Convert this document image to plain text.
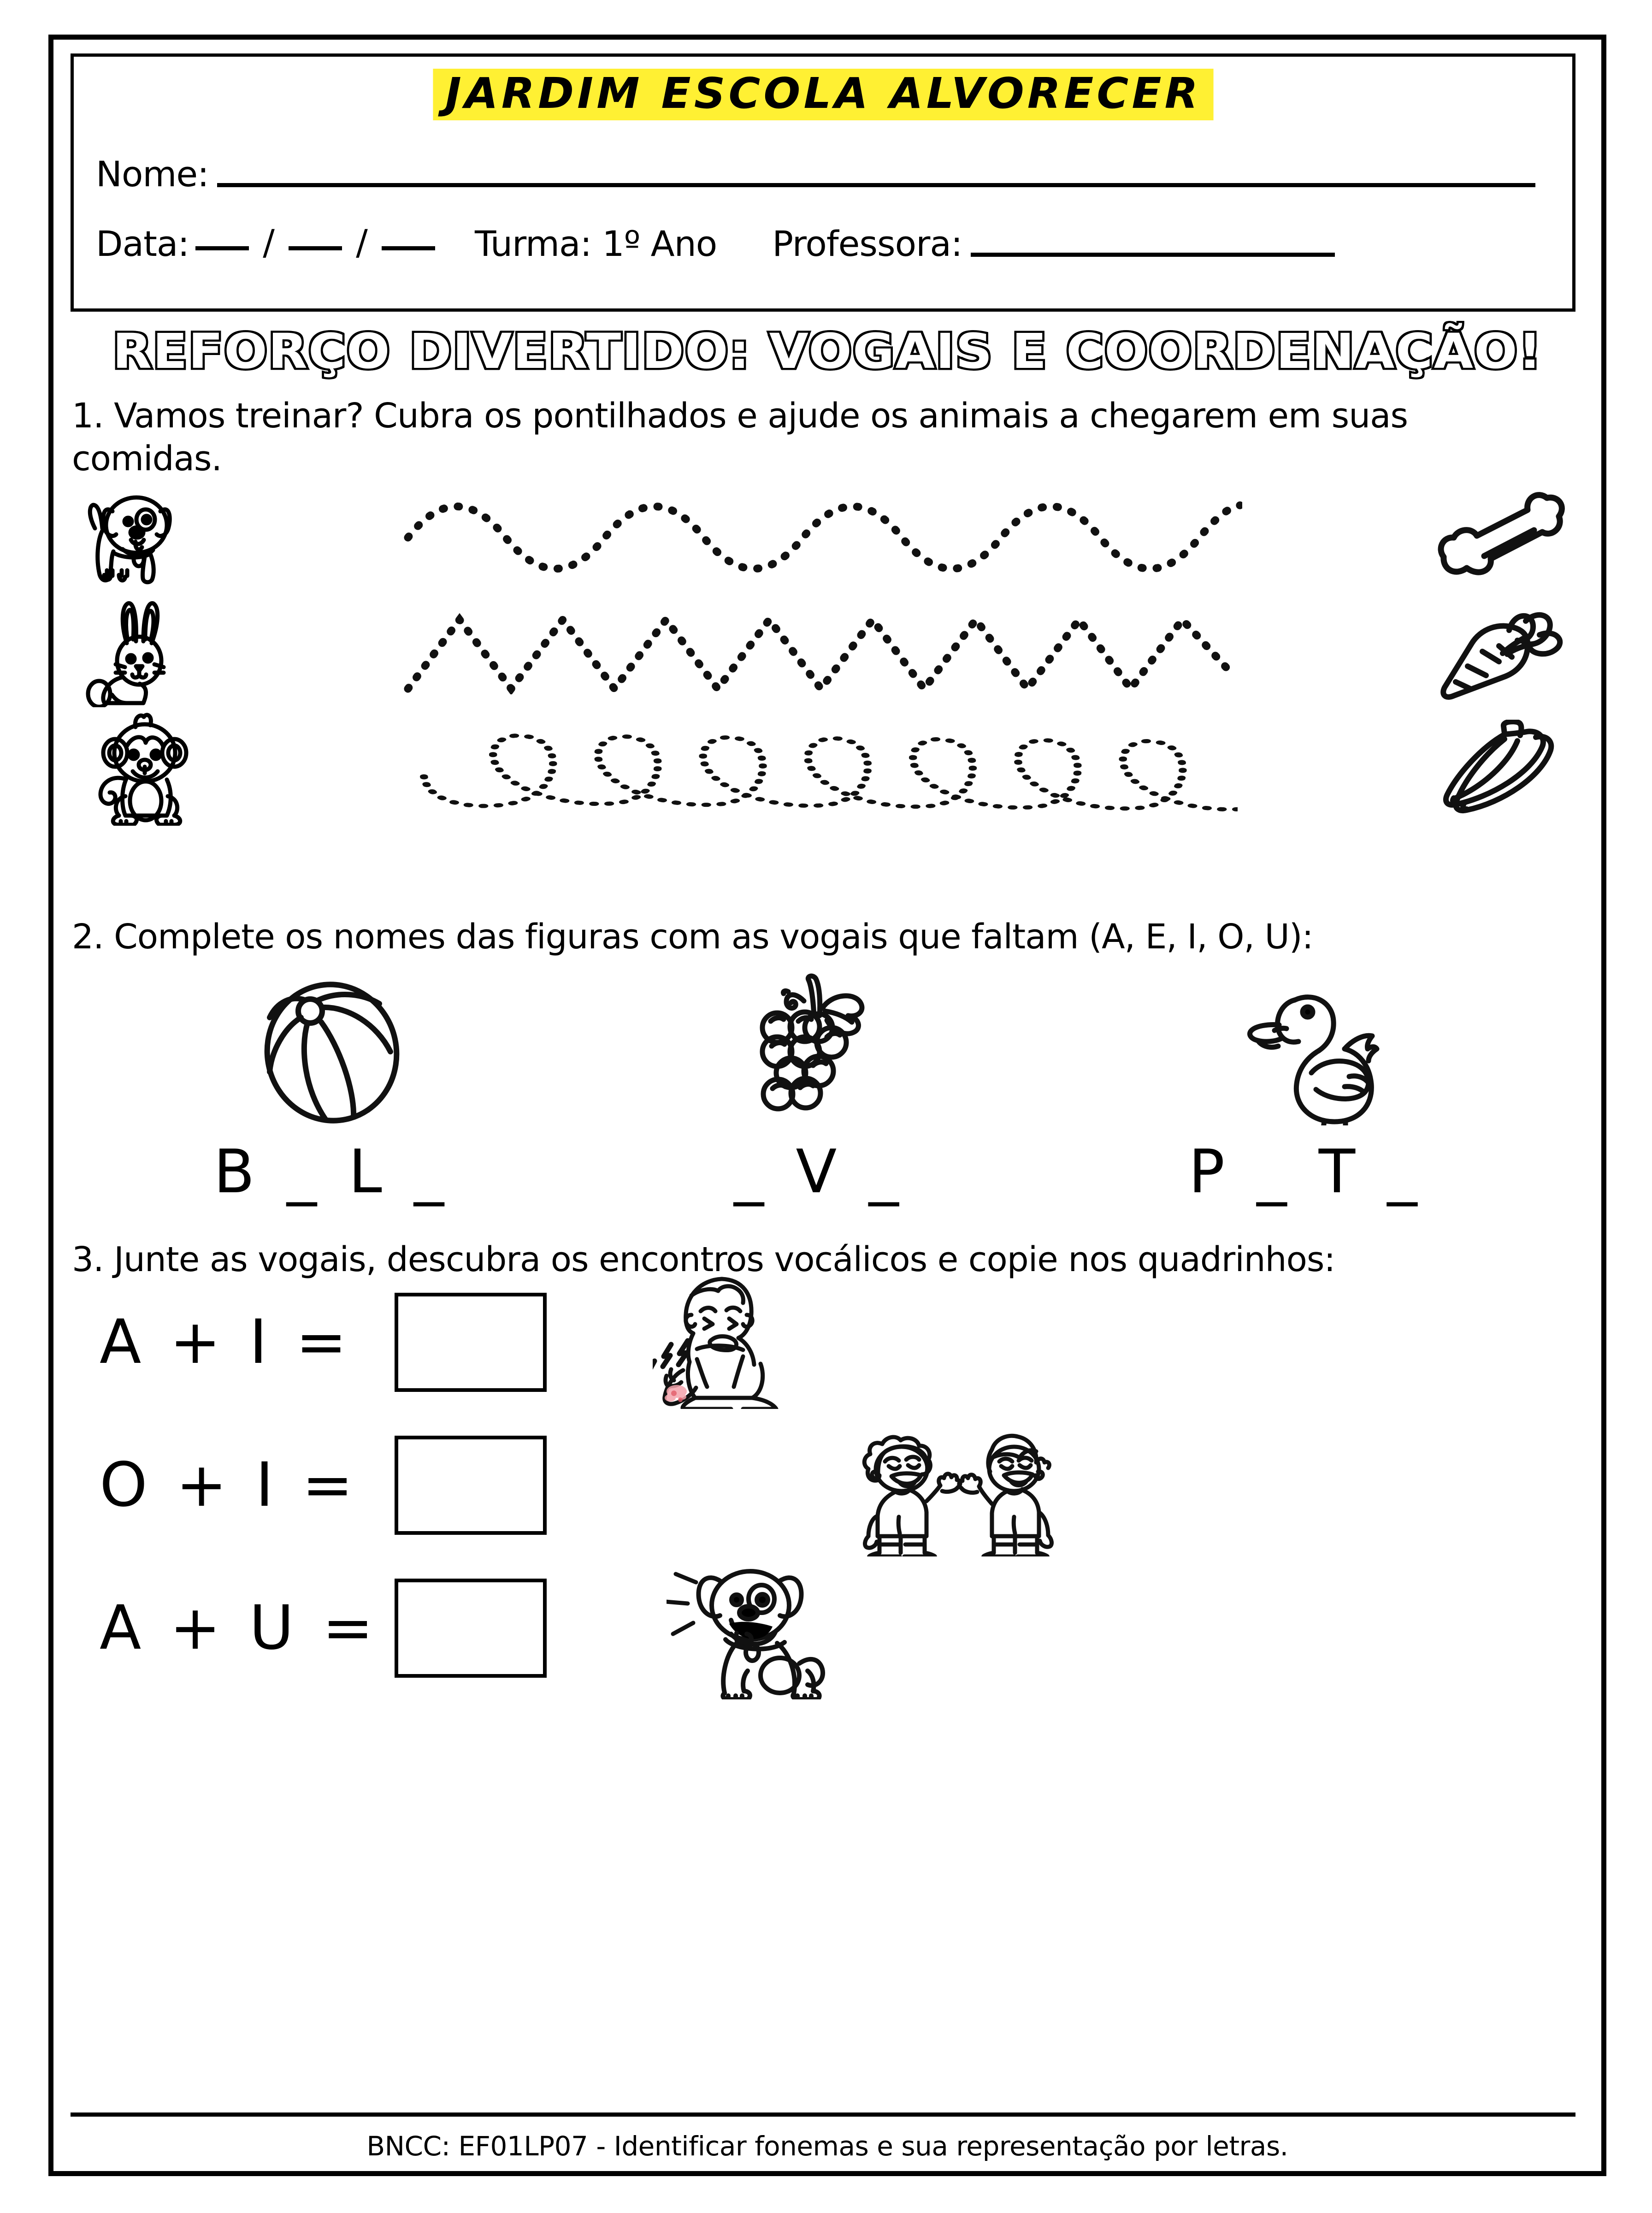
JARDIM ESCOLA ALVORECER
Nome:
Data:	/ /	Turma: 1º Ano Professora:
REFORÇO DIVERTIDO: VOGAIS E COORDENAÇÃO!
1. Vamos treinar? Cubra os pontilhados e ajude os animais a chegarem em suas comidas.
2. Complete os nomes das figuras com as vogais que faltam (A, E, I, O, U):
B _ L _	_ V _	P _ T _
3. Junte as vogais, descubra os encontros vocálicos e copie nos quadrinhos:
A + I =
O + I =
A + U =
BNCC: EF01LP07 - Identificar fonemas e sua representação por letras.
